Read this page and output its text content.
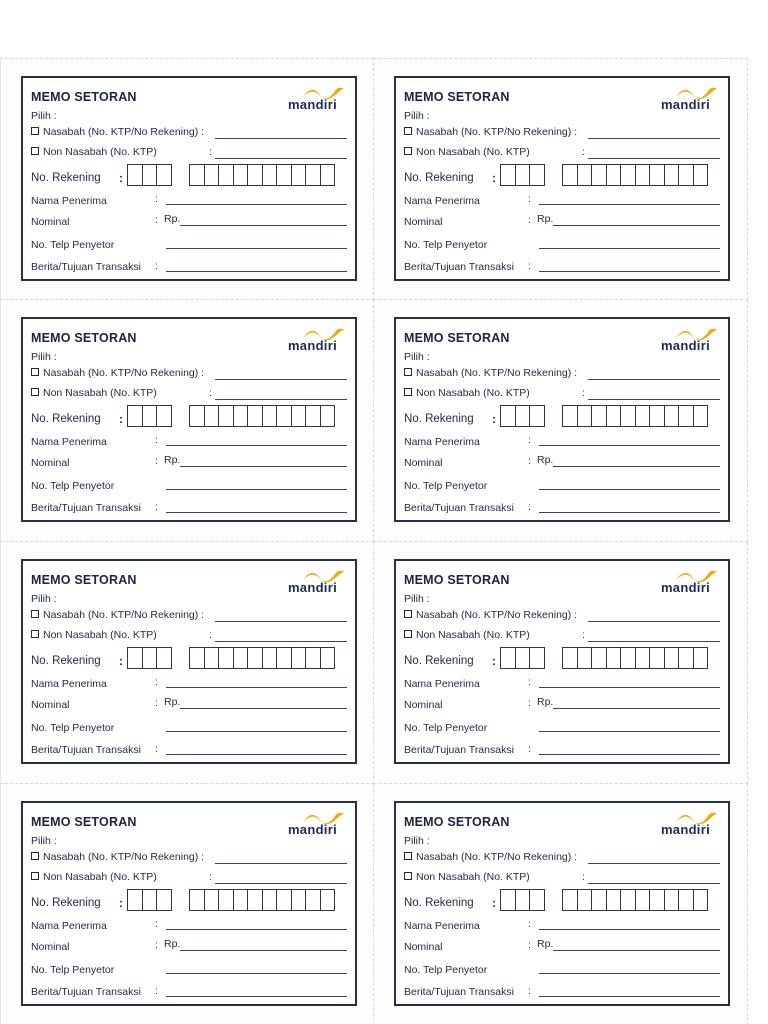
MEMO SETORAN	mandiri
Pilih :
Nasabah (No. KTP/No Rekening) :
Non Nasabah (No. KTP)	:
No. Rekening :
Nama Penerima	:
Nominal	: Rp.
No. Telp Penyetor
Berita/Tujuan Transaksi :
MEMO SETORAN	mandiri
Pilih :
Nasabah (No. KTP/No Rekening) :
Non Nasabah (No. KTP)	:
No. Rekening :
Nama Penerima	:
Nominal	: Rp.
No. Telp Penyetor
Berita/Tujuan Transaksi :
MEMO SETORAN	mandiri
Pilih :
Nasabah (No. KTP/No Rekening) :
Non Nasabah (No. KTP)	:
No. Rekening :
Nama Penerima	:
Nominal	: Rp.
No. Telp Penyetor
Berita/Tujuan Transaksi :
MEMO SETORAN	mandiri
Pilih :
Nasabah (No. KTP/No Rekening) :
Non Nasabah (No. KTP)	:
No. Rekening :
Nama Penerima	:
Nominal	: Rp.
No. Telp Penyetor
Berita/Tujuan Transaksi :
MEMO SETORAN	mandiri
Pilih :
Nasabah (No. KTP/No Rekening) :
Non Nasabah (No. KTP)	:
No. Rekening :
Nama Penerima	:
Nominal	: Rp.
No. Telp Penyetor
Berita/Tujuan Transaksi :
MEMO SETORAN	mandiri
Pilih :
Nasabah (No. KTP/No Rekening) :
Non Nasabah (No. KTP)	:
No. Rekening :
Nama Penerima	:
Nominal	: Rp.
No. Telp Penyetor
Berita/Tujuan Transaksi :
MEMO SETORAN	mandiri
Pilih :
Nasabah (No. KTP/No Rekening) :
Non Nasabah (No. KTP)	:
No. Rekening :
Nama Penerima	:
Nominal	: Rp.
No. Telp Penyetor
Berita/Tujuan Transaksi :
MEMO SETORAN	mandiri
Pilih :
Nasabah (No. KTP/No Rekening) :
Non Nasabah (No. KTP)	:
No. Rekening :
Nama Penerima	:
Nominal	: Rp.
No. Telp Penyetor
Berita/Tujuan Transaksi :
